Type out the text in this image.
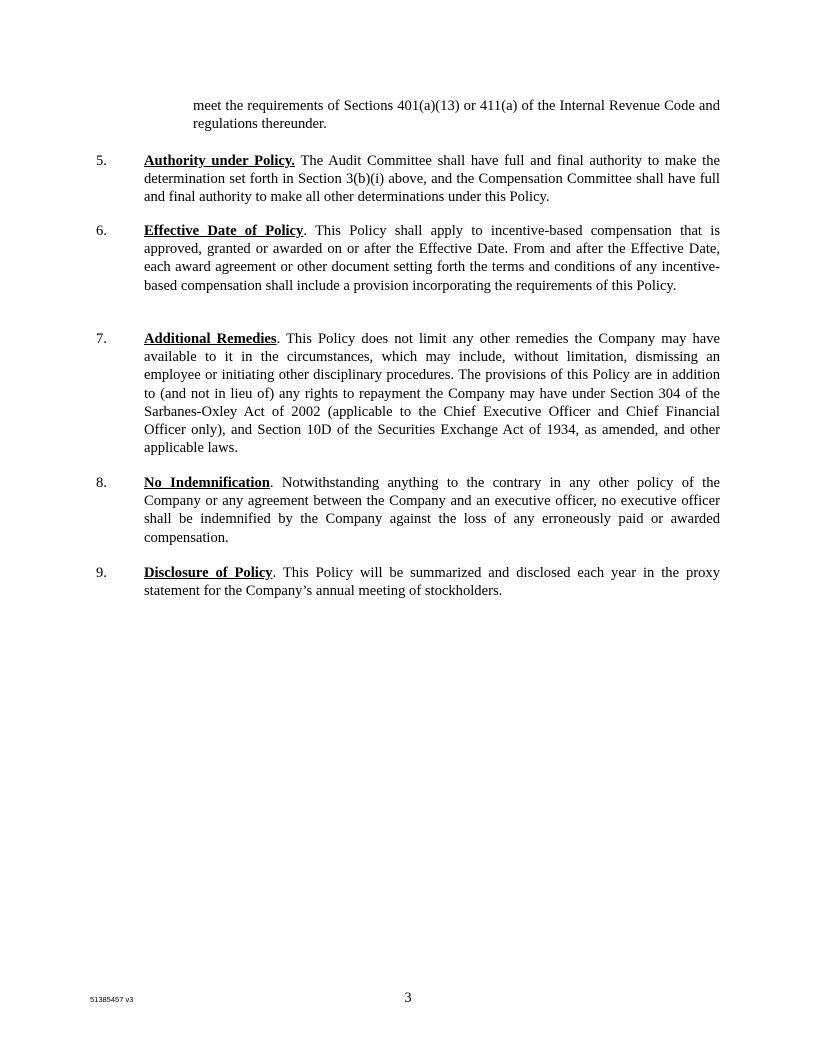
meet the requirements of Sections 401(a)(13) or 411(a) of the Internal Revenue Code and regulations thereunder.
5.	Authority under Policy. The Audit Committee shall have full and final authority to make the determination set forth in Section 3(b)(i) above, and the Compensation Committee shall have full and final authority to make all other determinations under this Policy.
6.	Effective Date of Policy. This Policy shall apply to incentive-based compensation that is approved, granted or awarded on or after the Effective Date. From and after the Effective Date, each award agreement or other document setting forth the terms and conditions of any incentive-based compensation shall include a provision incorporating the requirements of this Policy.
7.	Additional Remedies. This Policy does not limit any other remedies the Company may have available to it in the circumstances, which may include, without limitation, dismissing an employee or initiating other disciplinary procedures. The provisions of this Policy are in addition to (and not in lieu of) any rights to repayment the Company may have under Section 304 of the Sarbanes-Oxley Act of 2002 (applicable to the Chief Executive Officer and Chief Financial Officer only), and Section 10D of the Securities Exchange Act of 1934, as amended, and other applicable laws.
8.	No Indemnification. Notwithstanding anything to the contrary in any other policy of the Company or any agreement between the Company and an executive officer, no executive officer shall be indemnified by the Company against the loss of any erroneously paid or awarded compensation.
9.	Disclosure of Policy. This Policy will be summarized and disclosed each year in the proxy statement for the Company’s annual meeting of stockholders.
51385457 v3	3
